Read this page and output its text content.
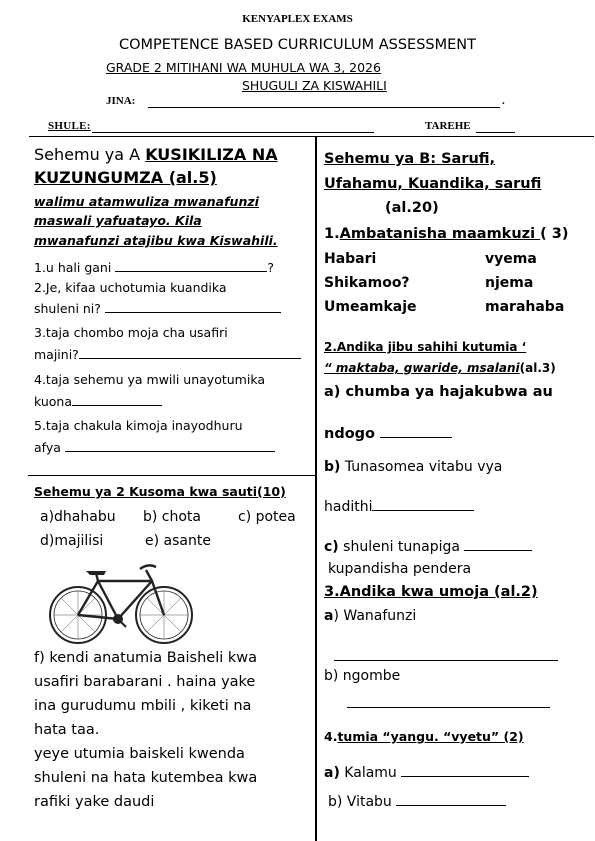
KENYAPLEX EXAMS
COMPETENCE BASED CURRICULUM ASSESSMENT
GRADE 2 MITIHANI WA MUHULA WA 3, 2026
SHUGULI ZA KISWAHILI
JINA:	.
SHULE:	TAREHE
Sehemu ya A KUSIKILIZA NA
KUZUNGUMZA (al.5)
walimu atamwuliza mwanafunzi
maswali yafuatayo. Kila
mwanafunzi atajibu kwa Kiswahili.
1.u hali gani	?
2.Je, kifaa uchotumia kuandika
shuleni ni?
3.taja chombo moja cha usafiri
majini?
4.taja sehemu ya mwili unayotumika
kuona
5.taja chakula kimoja inayodhuru
afya
Sehemu ya 2 Kusoma kwa sauti(10)
a)dhahabu b) chota	c) potea
d)majilisi	e) asante
f) kendi anatumia Baisheli kwa
usafiri barabarani . haina yake
ina gurudumu mbili , kiketi na
hata taa.
yeye utumia baiskeli kwenda
shuleni na hata kutembea kwa
rafiki yake daudi
Sehemu ya B: Sarufi,
Ufahamu, Kuandika, sarufi
(al.20)
1.Ambatanisha maamkuzi ( 3)
Habari	vyema
Shikamoo?	njema
Umeamkaje	marahaba
2.Andika jibu sahihi kutumia ‘
“ maktaba, gwaride, msalani(al.3)
a) chumba ya hajakubwa au
ndogo
b) Tunasomea vitabu vya
hadithi
c) shuleni tunapiga
kupandisha pendera
3.Andika kwa umoja (al.2)
a) Wanafunzi
b) ngombe
4.tumia “yangu. “vyetu” (2)
a) Kalamu
b) Vitabu
